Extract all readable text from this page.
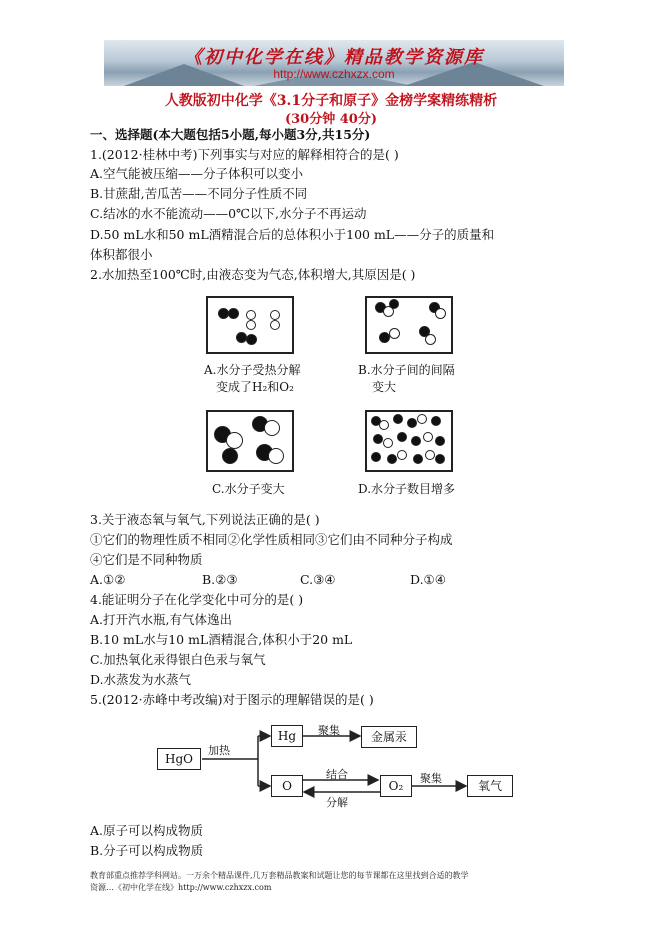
《初中化学在线》精品教学资源库
http://www.czhxzx.com
人教版初中化学《3.1分子和原子》金榜学案精练精析
(30分钟 40分)
一、选择题(本大题包括5小题,每小题3分,共15分)
1.(2012·桂林中考)下列事实与对应的解释相符合的是( )
A.空气能被压缩——分子体积可以变小
B.甘蔗甜,苦瓜苦——不同分子性质不同
C.结冰的水不能流动——0℃以下,水分子不再运动
D.50 mL水和50 mL酒精混合后的总体积小于100 mL——分子的质量和
体积都很小
2.水加热至100℃时,由液态变为气态,体积增大,其原因是( )
A.水分子受热分解
变成了H₂和O₂
B.水分子间的间隔
变大
C.水分子变大	D.水分子数目增多
3.关于液态氧与氧气,下列说法正确的是( )
①它们的物理性质不相同②化学性质相同③它们由不同种分子构成
④它们是不同种物质
A.①②	B.②③	C.③④	D.①④
4.能证明分子在化学变化中可分的是( )
A.打开汽水瓶,有气体逸出
B.10 mL水与10 mL酒精混合,体积小于20 mL
C.加热氧化汞得银白色汞与氧气
D.水蒸发为水蒸气
5.(2012·赤峰中考改编)对于图示的理解错误的是( )
HgO
加热
Hg	聚集	金属汞
O
结合
O₂
聚集
氧气
分解
A.原子可以构成物质
B.分子可以构成物质
教育部重点推荐学科网站。一万余个精品课件,几万套精品教案和试题让您的每节课都在这里找到合适的教学
资源…《初中化学在线》http://www.czhxzx.com
